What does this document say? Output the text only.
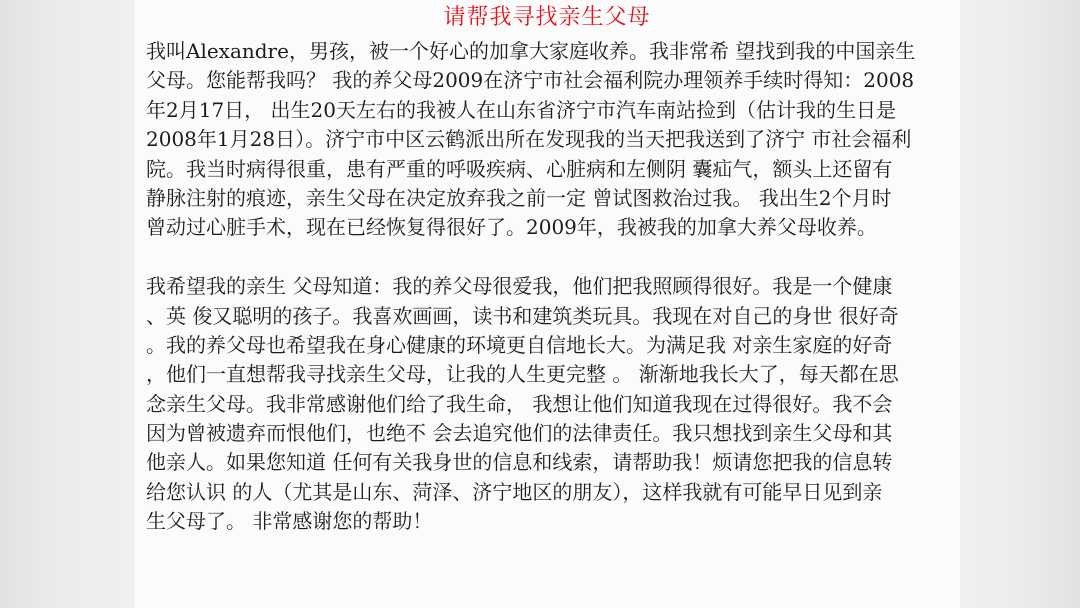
请帮我寻找亲生父母
我叫Alexandre，男孩，被一个好心的加拿大家庭收养。我非常希 望找到我的中国亲生
父母。您能帮我吗？ 我的养父母2009在济宁市社会福利院办理领养手续时得知：2008
年2月17日， 出生20天左右的我被人在山东省济宁市汽车南站捡到（估计我的生日是
2008年1月28日）。济宁市中区云鹤派出所在发现我的当天把我送到了济宁 市社会福利
院。我当时病得很重，患有严重的呼吸疾病、心脏病和左侧阴 囊疝气，额头上还留有
静脉注射的痕迹，亲生父母在决定放弃我之前一定 曾试图救治过我。 我出生2个月时
曾动过心脏手术，现在已经恢复得很好了。2009年，我被我的加拿大养父母收养。
我希望我的亲生 父母知道：我的养父母很爱我，他们把我照顾得很好。我是一个健康
、英 俊又聪明的孩子。我喜欢画画，读书和建筑类玩具。我现在对自己的身世 很好奇
。我的养父母也希望我在身心健康的环境更自信地长大。为满足我 对亲生家庭的好奇
，他们一直想帮我寻找亲生父母，让我的人生更完整 。 渐渐地我长大了，每天都在思
念亲生父母。我非常感谢他们给了我生命， 我想让他们知道我现在过得很好。我不会
因为曾被遗弃而恨他们，也绝不 会去追究他们的法律责任。我只想找到亲生父母和其
他亲人。如果您知道 任何有关我身世的信息和线索，请帮助我！烦请您把我的信息转
给您认识 的人（尤其是山东、菏泽、济宁地区的朋友），这样我就有可能早日见到亲
生父母了。 非常感谢您的帮助！
